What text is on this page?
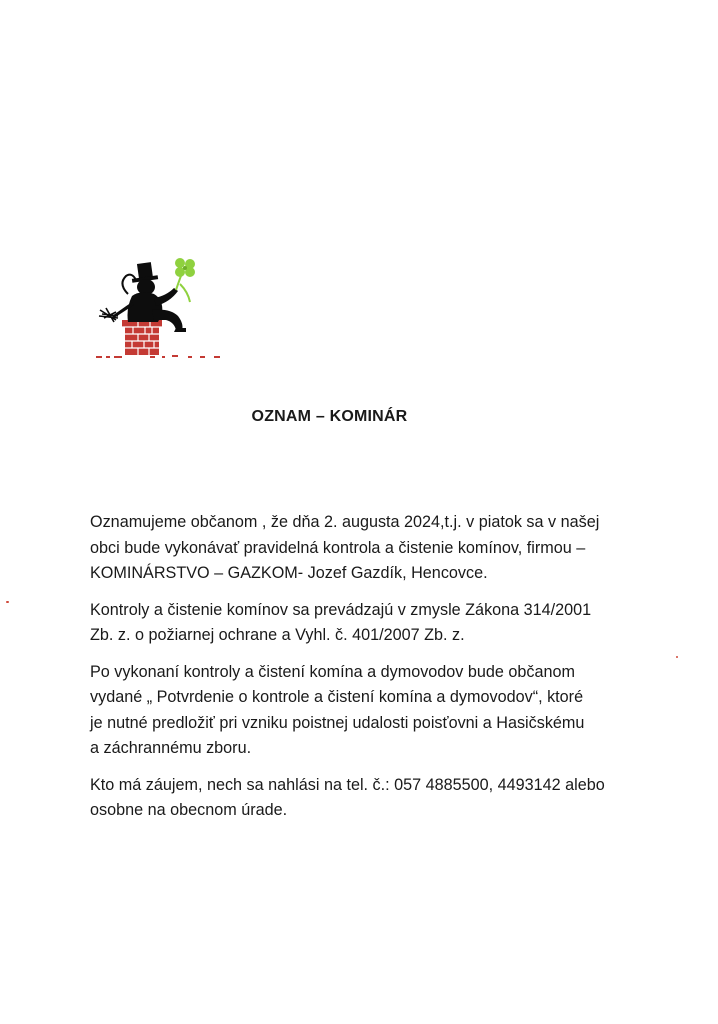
OZNAM – KOMINÁR
Oznamujeme občanom , že dňa 2. augusta 2024,t.j. v piatok sa v našej
obci bude vykonávať pravidelná kontrola a čistenie komínov, firmou –
KOMINÁRSTVO – GAZKOM- Jozef Gazdík, Hencovce.
Kontroly a čistenie komínov sa prevádzajú v zmysle Zákona 314/2001
Zb. z. o požiarnej ochrane a Vyhl. č. 401/2007 Zb. z.
Po vykonaní kontroly a čistení komína a dymovodov bude občanom
vydané „ Potvrdenie o kontrole a čistení komína a dymovodov“, ktoré
je nutné predložiť pri vzniku poistnej udalosti poisťovni a Hasičskému
a záchrannému zboru.
Kto má záujem, nech sa nahlási na tel. č.: 057 4885500, 4493142 alebo
osobne na obecnom úrade.
